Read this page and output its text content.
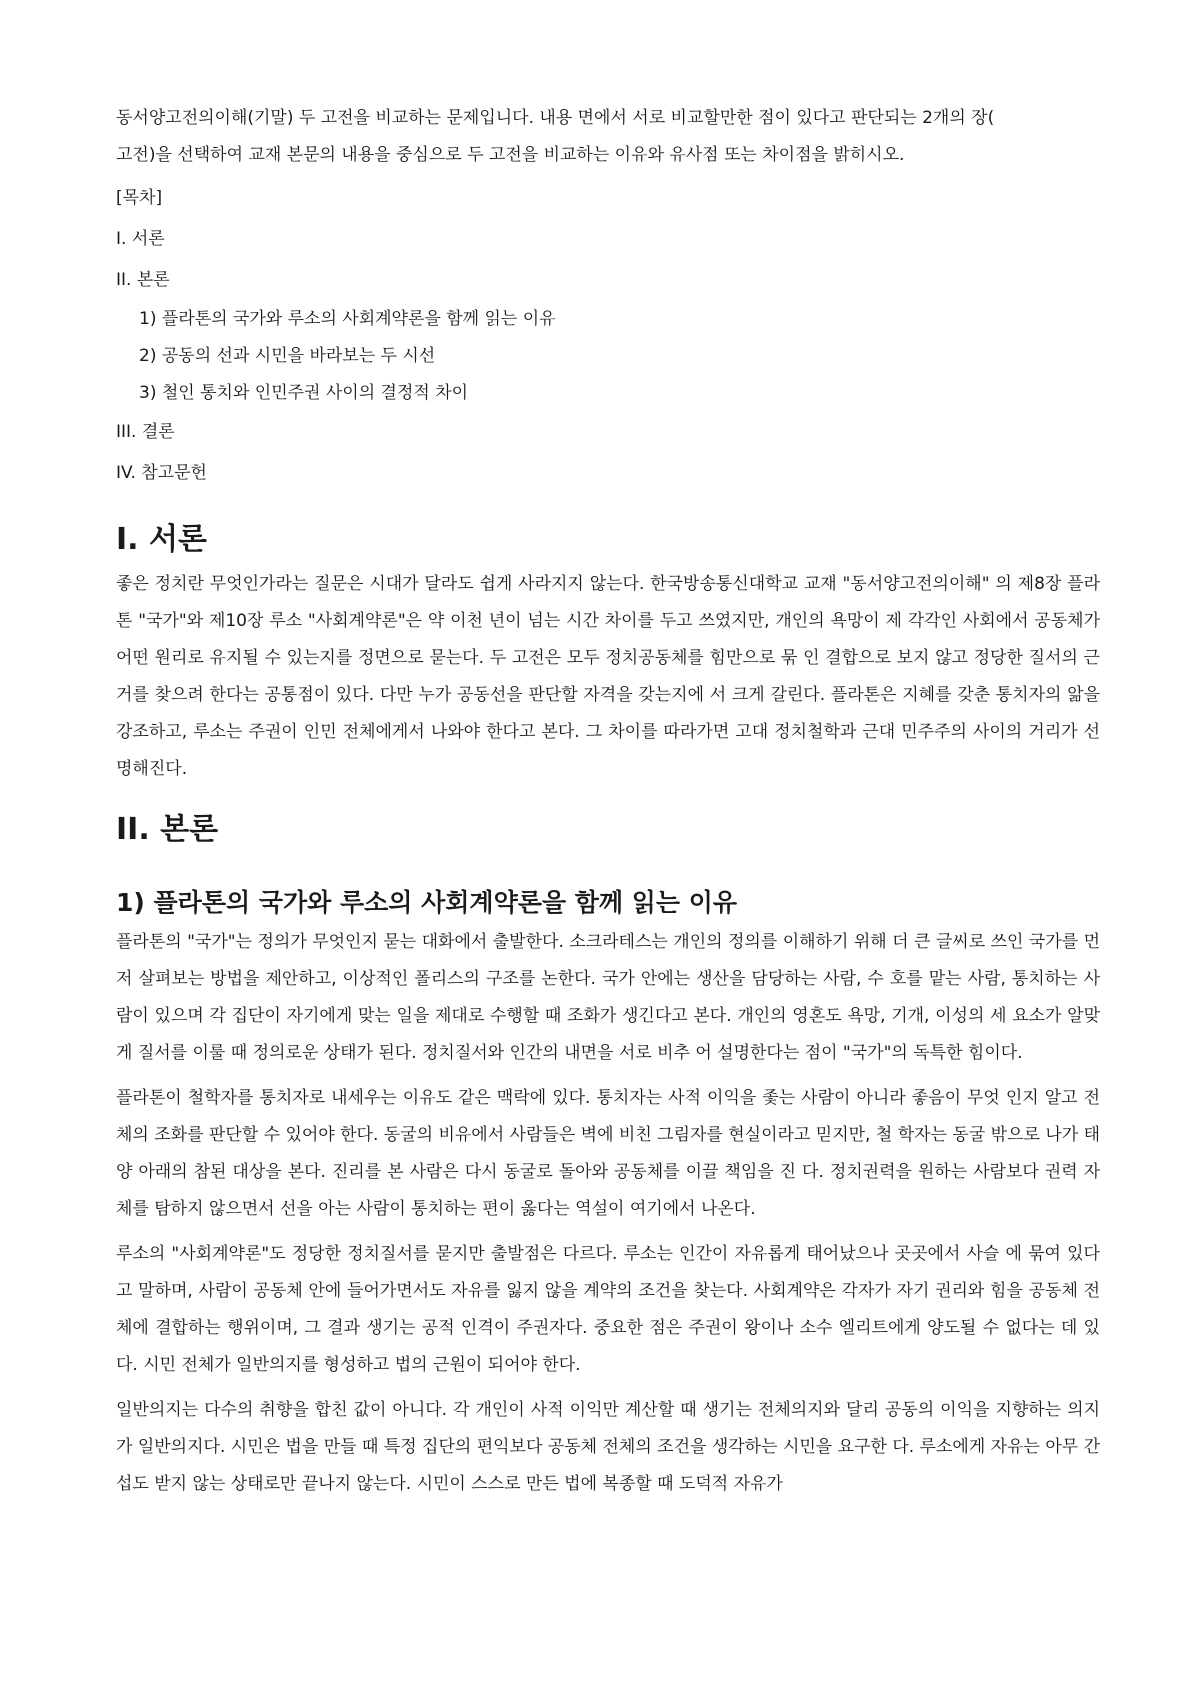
동서양고전의이해(기말) 두 고전을 비교하는 문제입니다. 내용 면에서 서로 비교할만한 점이 있다고 판단되는 2개의 장(

고전)을 선택하여 교재 본문의 내용을 중심으로 두 고전을 비교하는 이유와 유사점 또는 차이점을 밝히시오.

[목차]
I. 서론
II. 본론
1) 플라톤의 국가와 루소의 사회계약론을 함께 읽는 이유
2) 공동의 선과 시민을 바라보는 두 시선
3) 철인 통치와 인민주권 사이의 결정적 차이
III. 결론
IV. 참고문헌
I. 서론
좋은 정치란 무엇인가라는 질문은 시대가 달라도 쉽게 사라지지 않는다. 한국방송통신대학교 교재 "동서양고전의이해" 의 제8장 플라톤 "국가"와 제10장 루소 "사회계약론"은 약 이천 년이 넘는 시간 차이를 두고 쓰였지만, 개인의 욕망이 제 각각인 사회에서 공동체가 어떤 원리로 유지될 수 있는지를 정면으로 묻는다. 두 고전은 모두 정치공동체를 힘만으로 묶 인 결합으로 보지 않고 정당한 질서의 근거를 찾으려 한다는 공통점이 있다. 다만 누가 공동선을 판단할 자격을 갖는지에 서 크게 갈린다. 플라톤은 지혜를 갖춘 통치자의 앎을 강조하고, 루소는 주권이 인민 전체에게서 나와야 한다고 본다. 그 차이를 따라가면 고대 정치철학과 근대 민주주의 사이의 거리가 선명해진다.
II. 본론
1) 플라톤의 국가와 루소의 사회계약론을 함께 읽는 이유
플라톤의 "국가"는 정의가 무엇인지 묻는 대화에서 출발한다. 소크라테스는 개인의 정의를 이해하기 위해 더 큰 글씨로 쓰인 국가를 먼저 살펴보는 방법을 제안하고, 이상적인 폴리스의 구조를 논한다. 국가 안에는 생산을 담당하는 사람, 수 호를 맡는 사람, 통치하는 사람이 있으며 각 집단이 자기에게 맞는 일을 제대로 수행할 때 조화가 생긴다고 본다. 개인의 영혼도 욕망, 기개, 이성의 세 요소가 알맞게 질서를 이룰 때 정의로운 상태가 된다. 정치질서와 인간의 내면을 서로 비추 어 설명한다는 점이 "국가"의 독특한 힘이다.
플라톤이 철학자를 통치자로 내세우는 이유도 같은 맥락에 있다. 통치자는 사적 이익을 좇는 사람이 아니라 좋음이 무엇 인지 알고 전체의 조화를 판단할 수 있어야 한다. 동굴의 비유에서 사람들은 벽에 비친 그림자를 현실이라고 믿지만, 철 학자는 동굴 밖으로 나가 태양 아래의 참된 대상을 본다. 진리를 본 사람은 다시 동굴로 돌아와 공동체를 이끌 책임을 진 다. 정치권력을 원하는 사람보다 권력 자체를 탐하지 않으면서 선을 아는 사람이 통치하는 편이 옳다는 역설이 여기에서 나온다.
루소의 "사회계약론"도 정당한 정치질서를 묻지만 출발점은 다르다. 루소는 인간이 자유롭게 태어났으나 곳곳에서 사슬 에 묶여 있다고 말하며, 사람이 공동체 안에 들어가면서도 자유를 잃지 않을 계약의 조건을 찾는다. 사회계약은 각자가 자기 권리와 힘을 공동체 전체에 결합하는 행위이며, 그 결과 생기는 공적 인격이 주권자다. 중요한 점은 주권이 왕이나 소수 엘리트에게 양도될 수 없다는 데 있다. 시민 전체가 일반의지를 형성하고 법의 근원이 되어야 한다.
일반의지는 다수의 취향을 합친 값이 아니다. 각 개인이 사적 이익만 계산할 때 생기는 전체의지와 달리 공동의 이익을 지향하는 의지가 일반의지다. 시민은 법을 만들 때 특정 집단의 편익보다 공동체 전체의 조건을 생각하는 시민을 요구한 다. 루소에게 자유는 아무 간섭도 받지 않는 상태로만 끝나지 않는다. 시민이 스스로 만든 법에 복종할 때 도덕적 자유가
